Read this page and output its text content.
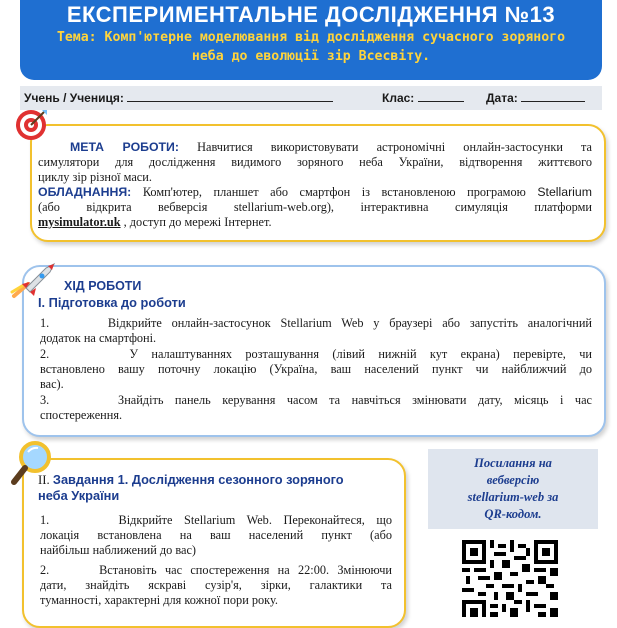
ЕКСПЕРИМЕНТАЛЬНЕ ДОСЛІДЖЕННЯ №13
Тема: Комп'ютерне моделювання від дослідження сучасного зоряного неба до еволюції зір Всесвіту.
Учень / Учениця:	Клас:	Дата:
МЕТА РОБОТИ: Навчитися використовувати астрономічні онлайн-застосунки та
симулятори для дослідження видимого зоряного неба України, відтворення життєвого
циклу зір різної маси.
ОБЛАДНАННЯ: Комп'ютер, планшет або смартфон із встановленою програмою Stellarium
(або відкрита вебверсія stellarium-web.org), інтерактивна симуляція платформи
mysimulator.uk , доступ до мережі Інтернет.
ХІД РОБОТИ
І. Підготовка до роботи
1.	Відкрийте онлайн-застосунок Stellarium Web у браузері або запустіть аналогічний
додаток на смартфоні.
2.	У налаштуваннях розташування (лівий нижній кут екрана) перевірте, чи
встановлено вашу поточну локацію (Україна, ваш населений пункт чи найближчий до
вас).
3.	Знайдіть панель керування часом та навчіться змінювати дату, місяць і час
спостереження.
ІІ. Завдання 1. Дослідження сезонного зоряного
неба України
1.	Відкрийте Stellarium Web. Переконайтеся, що
локація встановлена на ваш населений пункт (або
найбільш наближений до вас)
2.	Встановіть час спостереження на 22:00. Змінюючи
дати, знайдіть яскраві сузір'я, зірки, галактики та
туманності, характерні для кожної пори року.
Посилання на
вебверсію
stellarium-web за
QR-кодом.
